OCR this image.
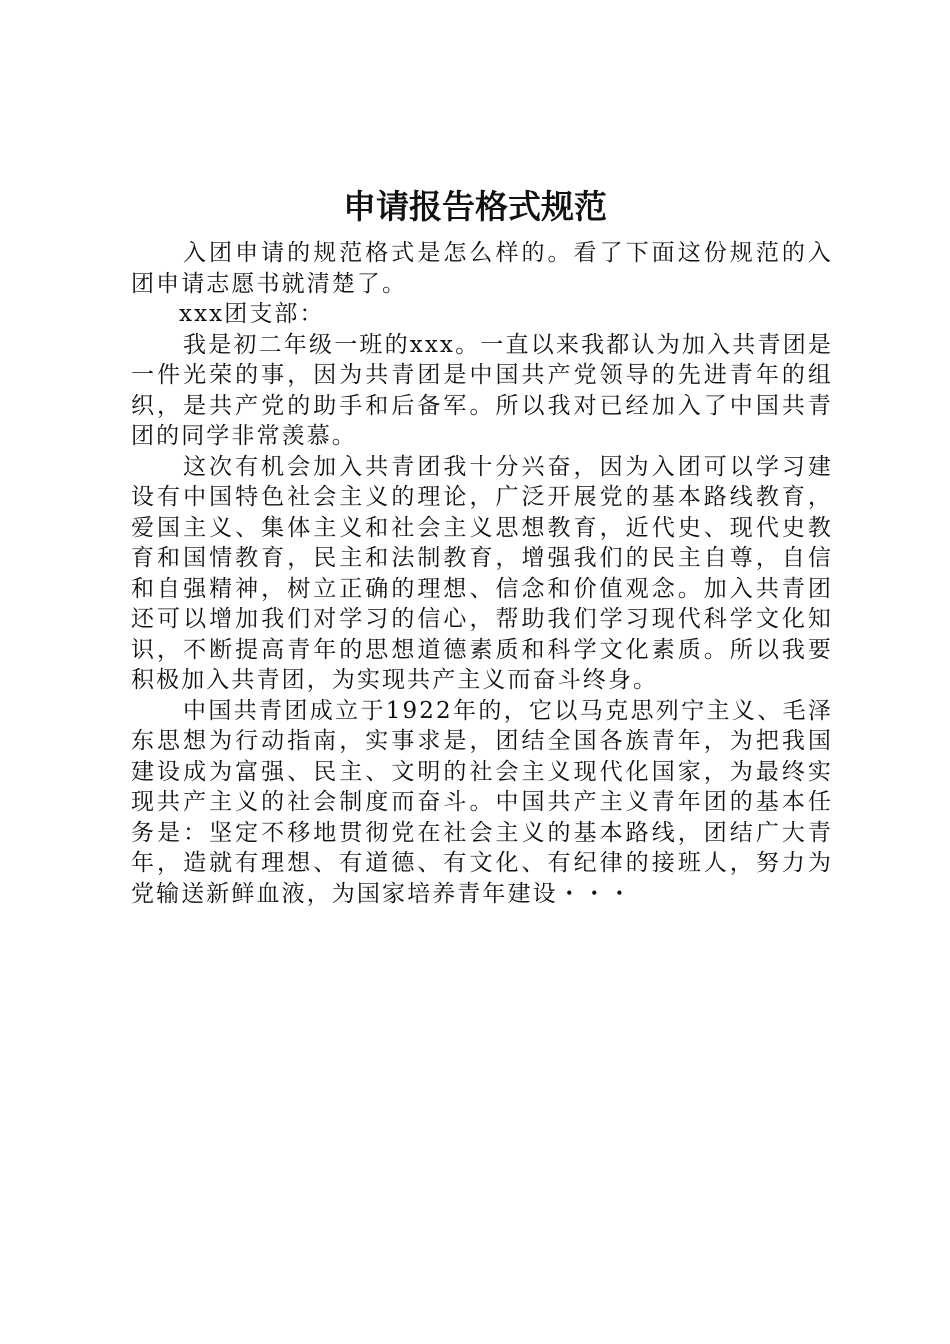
申请报告格式规范

入团申请的规范格式是怎么样的。看了下面这份规范的入团申请志愿书就清楚了。

xxx团支部：

我是初二年级一班的xxx。一直以来我都认为加入共青团是一件光荣的事，因为共青团是中国共产党领导的先进青年的组织，是共产党的助手和后备军。所以我对已经加入了中国共青团的同学非常羡慕。

这次有机会加入共青团我十分兴奋，因为入团可以学习建设有中国特色社会主义的理论，广泛开展党的基本路线教育，爱国主义、集体主义和社会主义思想教育，近代史、现代史教育和国情教育，民主和法制教育，增强我们的民主自尊，自信和自强精神，树立正确的理想、信念和价值观念。加入共青团还可以增加我们对学习的信心，帮助我们学习现代科学文化知识，不断提高青年的思想道德素质和科学文化素质。所以我要积极加入共青团，为实现共产主义而奋斗终身。

中国共青团成立于1922年的，它以马克思列宁主义、毛泽东思想为行动指南，实事求是，团结全国各族青年，为把我国建设成为富强、民主、文明的社会主义现代化国家，为最终实现共产主义的社会制度而奋斗。中国共产主义青年团的基本任务是：坚定不移地贯彻党在社会主义的基本路线，团结广大青年，造就有理想、有道德、有文化、有纪律的接班人，努力为党输送新鲜血液，为国家培养青年建设・・・
